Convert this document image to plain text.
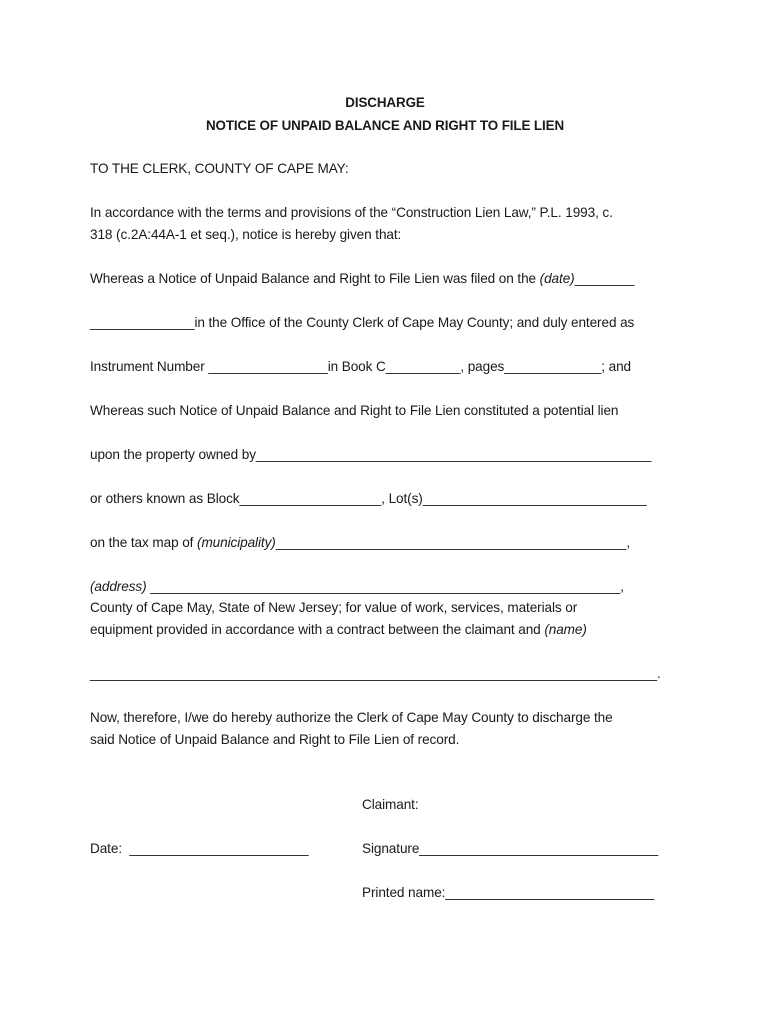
DISCHARGE
NOTICE OF UNPAID BALANCE AND RIGHT TO FILE LIEN
TO THE CLERK, COUNTY OF CAPE MAY:
In accordance with the terms and provisions of the “Construction Lien Law,” P.L. 1993, c.
318 (c.2A:44A-1 et seq.), notice is hereby given that:
Whereas a Notice of Unpaid Balance and Right to File Lien was filed on the (date)________
______________in the Office of the County Clerk of Cape May County; and duly entered as
Instrument Number ________________in Book C__________, pages_____________; and
Whereas such Notice of Unpaid Balance and Right to File Lien constituted a potential lien
upon the property owned by_____________________________________________________
or others known as Block___________________, Lot(s)______________________________
on the tax map of (municipality)_______________________________________________,
(address) _______________________________________________________________,
County of Cape May, State of New Jersey; for value of work, services, materials or
equipment provided in accordance with a contract between the claimant and (name)
____________________________________________________________________________.
Now, therefore, I/we do hereby authorize the Clerk of Cape May County to discharge the
said Notice of Unpaid Balance and Right to File Lien of record.
Claimant:
Date:  ________________________	Signature________________________________
Printed name:____________________________
